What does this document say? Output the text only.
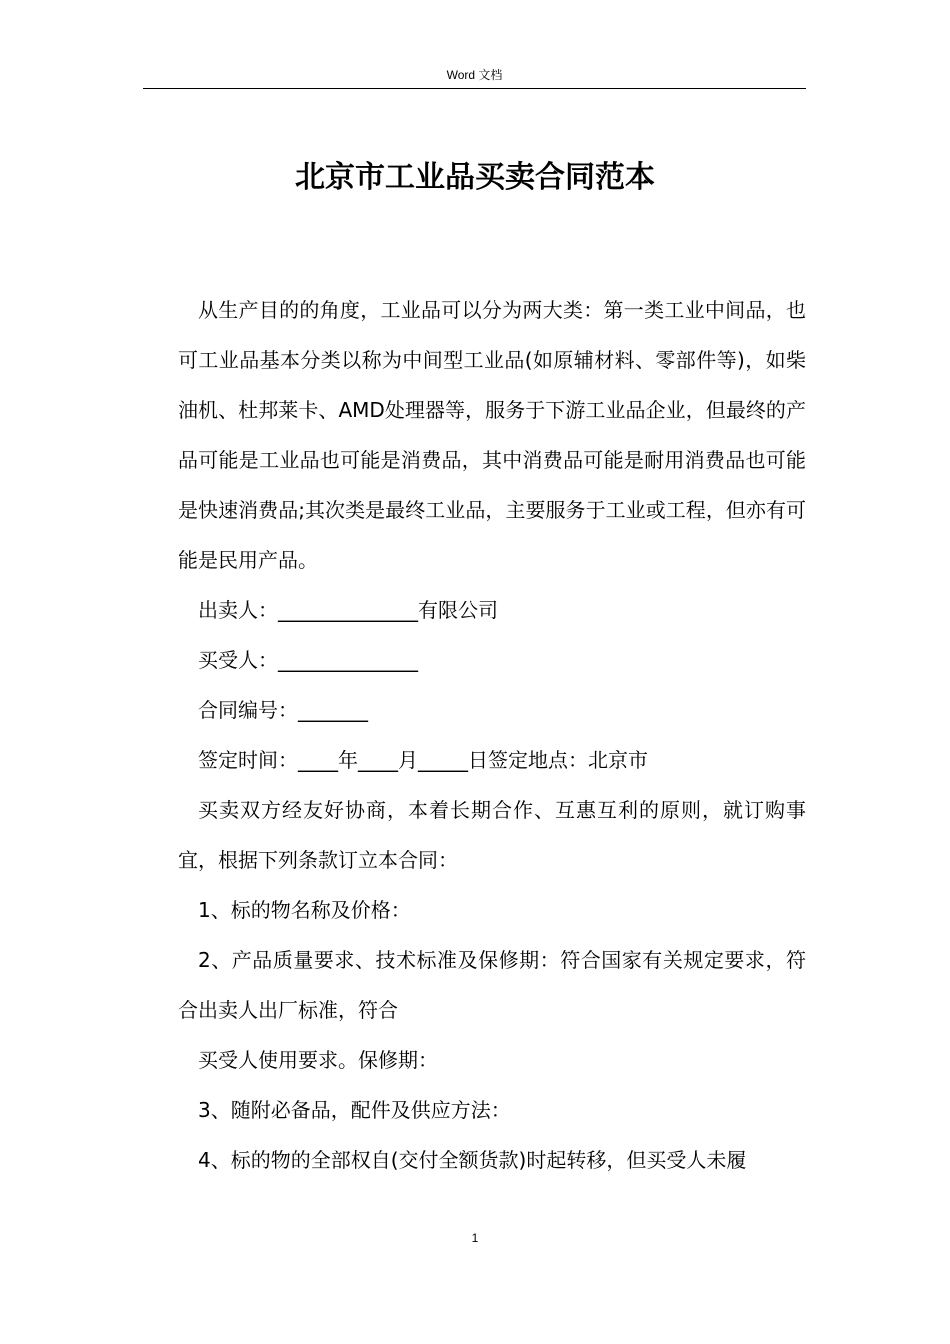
Word 文档
北京市工业品买卖合同范本

从生产目的的角度，工业品可以分为两大类：第一类工业中间品，也可工业品基本分类以称为中间型工业品(如原辅材料、零部件等)，如柴油机、杜邦莱卡、AMD处理器等，服务于下游工业品企业，但最终的产品可能是工业品也可能是消费品，其中消费品可能是耐用消费品也可能是快速消费品;其次类是最终工业品，主要服务于工业或工程，但亦有可能是民用产品。

出卖人：______________有限公司

买受人：______________

合同编号：_______

签定时间：____年____月_____日签定地点：北京市

买卖双方经友好协商，本着长期合作、互惠互利的原则，就订购事宜，根据下列条款订立本合同：

1、标的物名称及价格：

2、产品质量要求、技术标准及保修期：符合国家有关规定要求，符合出卖人出厂标准，符合

买受人使用要求。保修期：

3、随附必备品，配件及供应方法：

4、标的物的全部权自(交付全额货款)时起转移，但买受人未履

1
